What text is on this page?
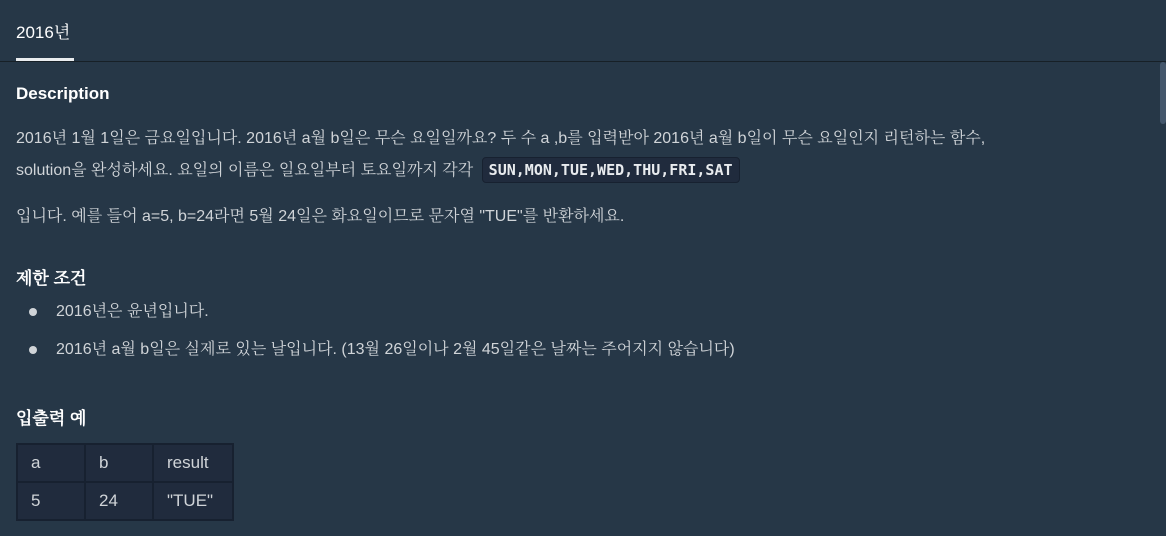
2016년
Description

2016년 1월 1일은 금요일입니다. 2016년 a월 b일은 무슨 요일일까요? 두 수 a ,b를 입력받아 2016년 a월 b일이 무슨 요일인지 리턴하는 함수,

solution을 완성하세요. 요일의 이름은 일요일부터 토요일까지 각각 SUN,MON,TUE,WED,THU,FRI,SAT

입니다. 예를 들어 a=5, b=24라면 5월 24일은 화요일이므로 문자열 "TUE"를 반환하세요.

제한 조건
2016년은 윤년입니다.
2016년 a월 b일은 실제로 있는 날입니다. (13월 26일이나 2월 45일같은 날짜는 주어지지 않습니다)
입출력 예
a	b	result
5	24	"TUE"
